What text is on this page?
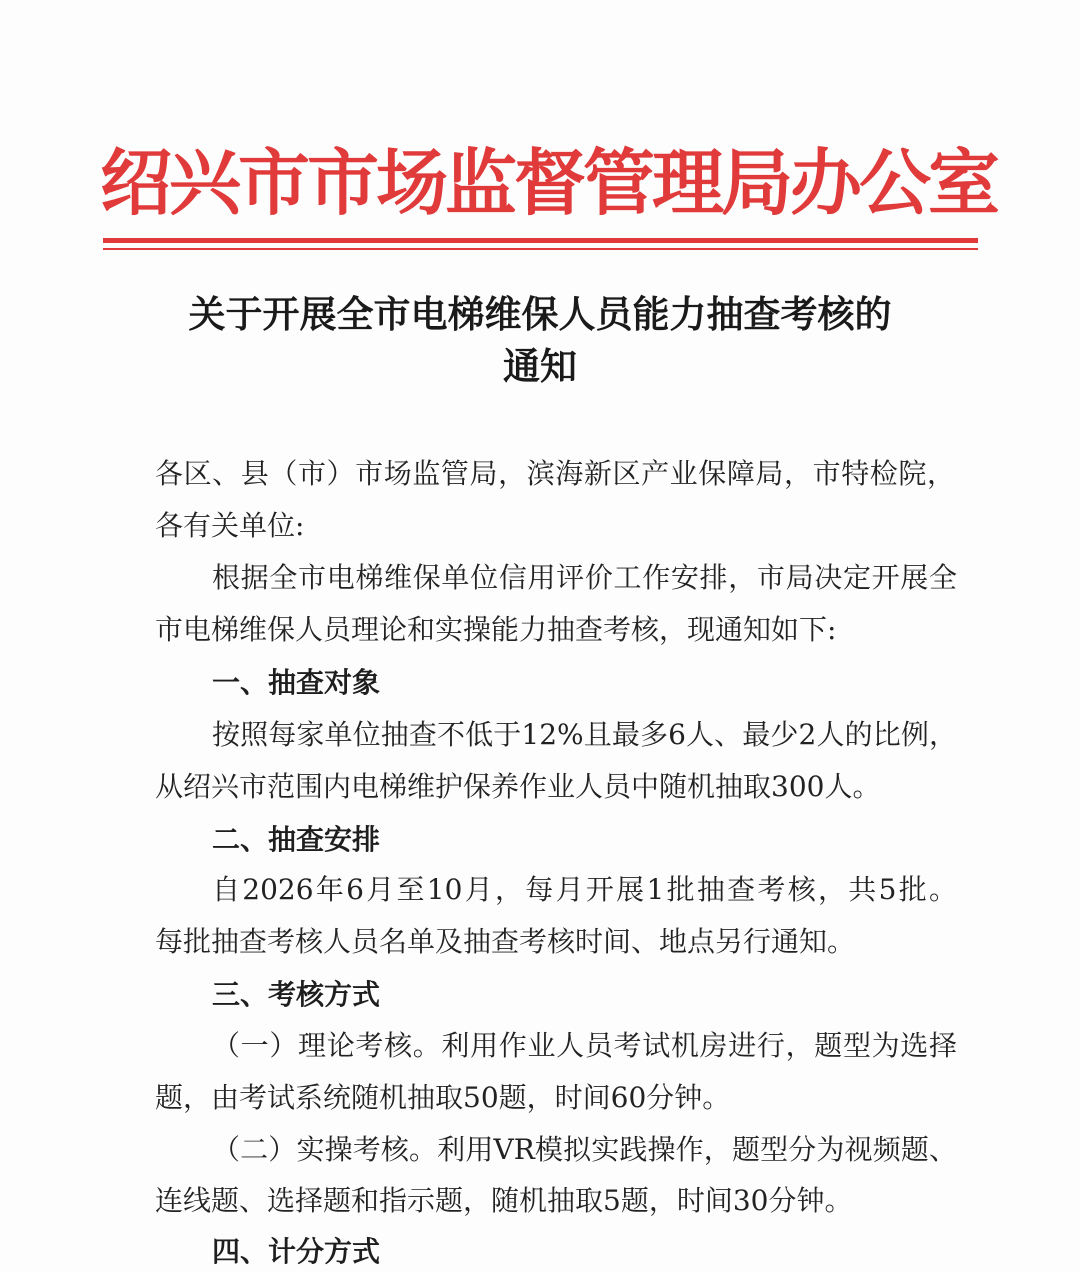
绍兴市市场监督管理局办公室
关于开展全市电梯维保人员能力抽查考核的
通知
各区、县（市）市场监管局，滨海新区产业保障局，市特检院，
各有关单位:
根据全市电梯维保单位信用评价工作安排，市局决定开展全
市电梯维保人员理论和实操能力抽查考核，现通知如下:
一、抽查对象
按照每家单位抽查不低于12%且最多6人、最少2人的比例，
从绍兴市范围内电梯维护保养作业人员中随机抽取300人。
二、抽查安排
自2026年6月至10月，每月开展1批抽查考核，共5批。
每批抽查考核人员名单及抽查考核时间、地点另行通知。
三、考核方式
（一）理论考核。利用作业人员考试机房进行，题型为选择
题，由考试系统随机抽取50题，时间60分钟。
（二）实操考核。利用VR模拟实践操作，题型分为视频题、
连线题、选择题和指示题，随机抽取5题，时间30分钟。
四、计分方式
